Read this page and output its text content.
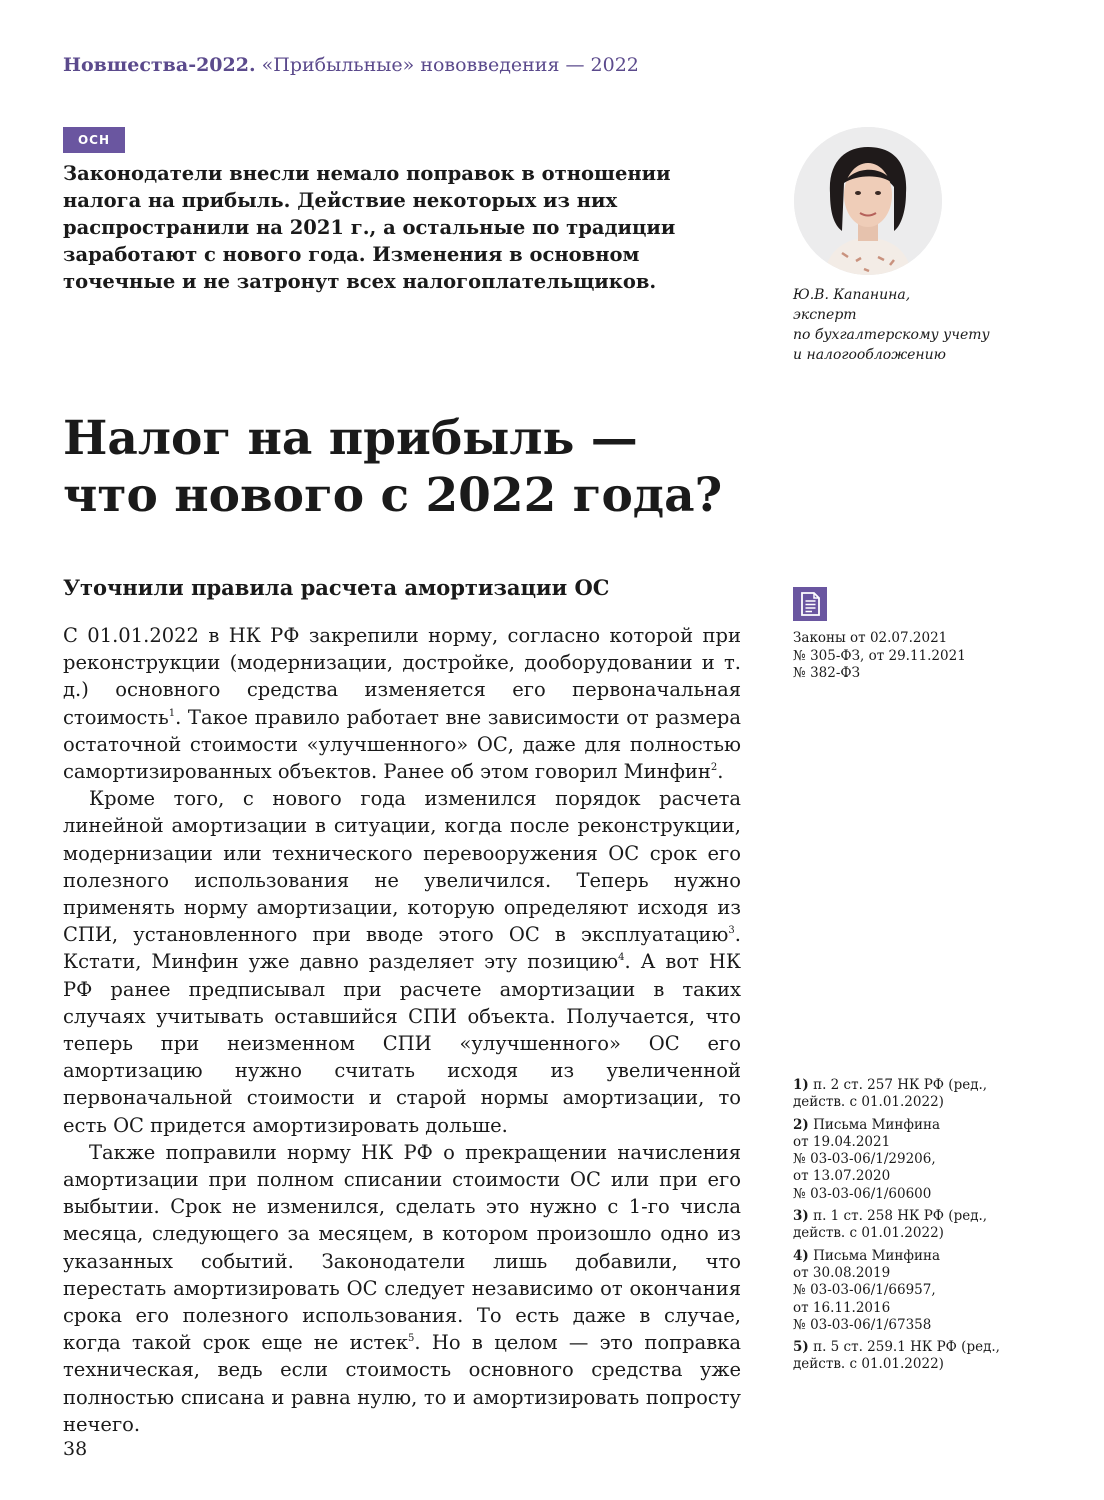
Новшества-2022. «Прибыльные» нововведения — 2022
ОСН

Законодатели внесли немало поправок в отношении налога на прибыль. Действие некоторых из них распространили на 2021 г., а остальные по традиции заработают с нового года. Изменения в основном точечные и не затронут всех налогоплательщиков.

Ю.В. Капанина,
эксперт
по бухгалтерскому учету
и налогообложению
Налог на прибыль —
что нового с 2022 года?
Уточнили правила расчета амортизации ОС
Законы от 02.07.2021
№ 305-ФЗ, от 29.11.2021
№ 382-ФЗ

С 01.01.2022 в НК РФ закрепили норму, согласно которой при реконструкции (модернизации, достройке, дооборудовании и т. д.) основного средства изменяется его первоначальная стоимость$^1$. Такое правило работает вне зависимости от размера остаточной стоимости «улучшенного» ОС, даже для полностью самортизированных объектов. Ранее об этом говорил Минфин$^2$.

Кроме того, с нового года изменился порядок расчета линейной амортизации в ситуации, когда после реконструкции, модернизации или технического перевооружения ОС срок его полезного использования не увеличился. Теперь нужно применять норму амортизации, которую определяют исходя из СПИ, установленного при вводе этого ОС в эксплуатацию$^3$. Кстати, Минфин уже давно разделяет эту позицию$^4$. А вот НК РФ ранее предписывал при расчете амортизации в таких случаях учитывать оставшийся СПИ объекта. Получается, что теперь при неизменном СПИ «улучшенного» ОС его амортизацию нужно считать исходя из увеличенной первоначальной стоимости и старой нормы амортизации, то есть ОС придется амортизировать дольше.

Также поправили норму НК РФ о прекращении начисления амортизации при полном списании стоимости ОС или при его выбытии. Срок не изменился, сделать это нужно с 1-го числа месяца, следующего за месяцем, в котором произошло одно из указанных событий. Законодатели лишь добавили, что перестать амортизировать ОС следует независимо от окончания срока его полезного использования. То есть даже в случае, когда такой срок еще не истек$^5$. Но в целом — это поправка техническая, ведь если стоимость основного средства уже полностью списана и равна нулю, то и амортизировать попросту нечего.

1) п. 2 ст. 257 НК РФ (ред.,
действ. с 01.01.2022)
2) Письма Минфина
от 19.04.2021
№ 03-03-06/1/29206,
от 13.07.2020
№ 03-03-06/1/60600
3) п. 1 ст. 258 НК РФ (ред.,
действ. с 01.01.2022)
4) Письма Минфина
от 30.08.2019
№ 03-03-06/1/66957,
от 16.11.2016
№ 03-03-06/1/67358
5) п. 5 ст. 259.1 НК РФ (ред.,
действ. с 01.01.2022)
38
